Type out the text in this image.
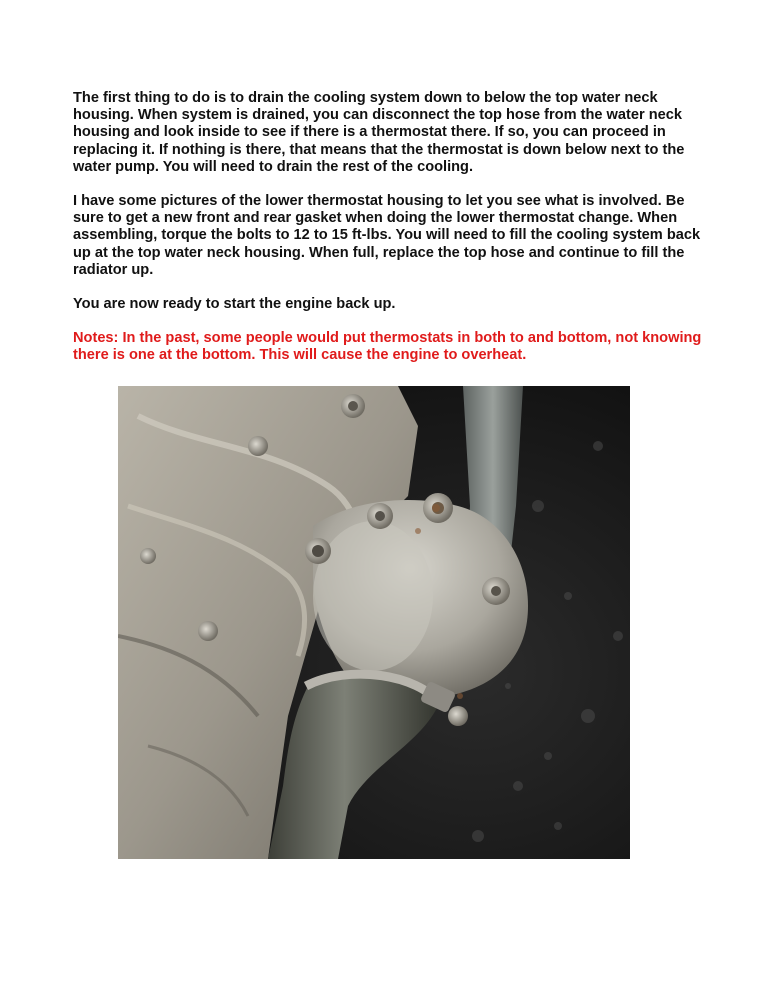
The first thing to do is to drain the cooling system down to below the top water neck housing. When system is drained, you can disconnect the top hose from the water neck housing and look inside to see if there is a thermostat there. If so, you can proceed in replacing it. If nothing is there, that means that the thermostat is down below next to the water pump. You will need to drain the rest of the cooling.

I have some pictures of the lower thermostat housing to let you see what is involved. Be sure to get a new front and rear gasket when doing the lower thermostat change. When assembling, torque the bolts to 12 to 15 ft-lbs. You will need to fill the cooling system back up at the top water neck housing. When full, replace the top hose and continue to fill the radiator up.

You are now ready to start the engine back up.

Notes: In the past, some people would put thermostats in both to and bottom, not knowing there is one at the bottom. This will cause the engine to overheat.
